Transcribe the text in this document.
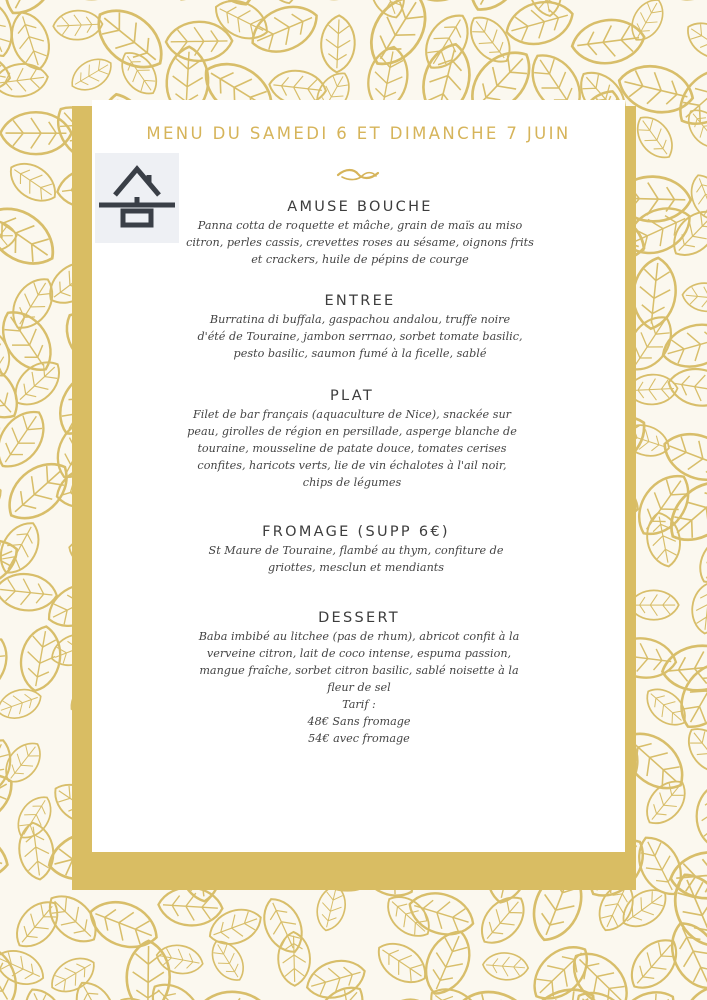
MENU DU SAMEDI 6 ET DIMANCHE 7 JUIN
AMUSE BOUCHE
Panna cotta de roquette et mâche, grain de maïs au miso
citron, perles cassis, crevettes roses au sésame, oignons frits
et crackers, huile de pépins de courge
ENTREE
Burratina di buffala, gaspachou andalou, truffe noire
d'été de Touraine, jambon serrnao, sorbet tomate basilic,
pesto basilic, saumon fumé à la ficelle, sablé
PLAT
Filet de bar français (aquaculture de Nice), snackée sur
peau, girolles de région en persillade, asperge blanche de
touraine, mousseline de patate douce, tomates cerises
confites, haricots verts, lie de vin échalotes à l'ail noir,
chips de légumes
FROMAGE (SUPP 6€)
St Maure de Touraine, flambé au thym, confiture de
griottes, mesclun et mendiants
DESSERT
Baba imbibé au litchee (pas de rhum), abricot confit à la
verveine citron, lait de coco intense, espuma passion,
mangue fraîche, sorbet citron basilic, sablé noisette à la
fleur de sel
Tarif :
48€ Sans fromage
54€ avec fromage
